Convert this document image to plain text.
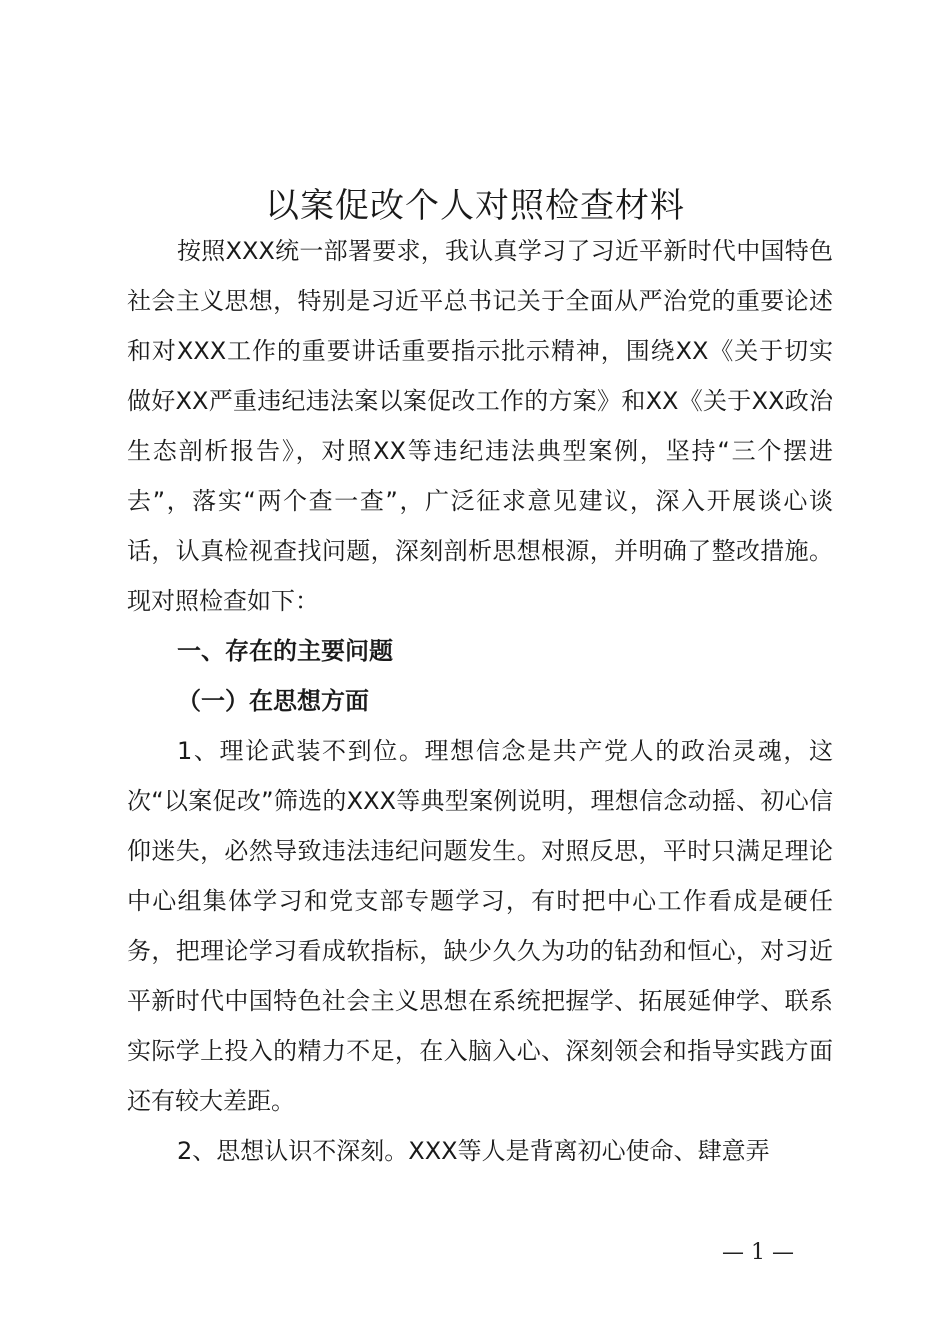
以案促改个人对照检查材料

按照XXX统一部署要求，我认真学习了习近平新时代中国特色社会主义思想，特别是习近平总书记关于全面从严治党的重要论述和对XXX工作的重要讲话重要指示批示精神，围绕XX《关于切实做好XX严重违纪违法案以案促改工作的方案》和XX《关于XX政治生态剖析报告》，对照XX等违纪违法典型案例，坚持“三个摆进去”，落实“两个查一查”，广泛征求意见建议，深入开展谈心谈话，认真检视查找问题，深刻剖析思想根源，并明确了整改措施。现对照检查如下：

一、存在的主要问题

（一）在思想方面

1、理论武装不到位。理想信念是共产党人的政治灵魂，这次“以案促改”筛选的XXX等典型案例说明，理想信念动摇、初心信仰迷失，必然导致违法违纪问题发生。对照反思，平时只满足理论中心组集体学习和党支部专题学习，有时把中心工作看成是硬任务，把理论学习看成软指标，缺少久久为功的钻劲和恒心，对习近平新时代中国特色社会主义思想在系统把握学、拓展延伸学、联系实际学上投入的精力不足，在入脑入心、深刻领会和指导实践方面还有较大差距。

2、思想认识不深刻。XXX等人是背离初心使命、肆意弄

— 1 —
